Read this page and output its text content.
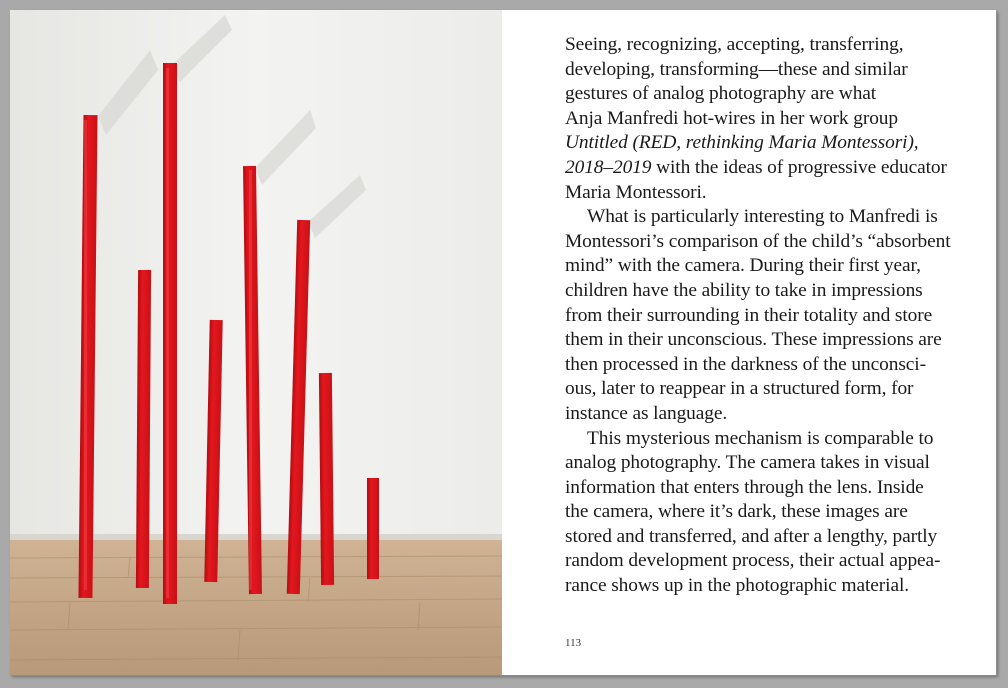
Seeing, recognizing, accepting, transferring,
developing, transforming—these and similar
gestures of analog photography are what
Anja Manfredi hot-wires in her work group
Untitled (RED, rethinking Maria Montessori),
2018–2019 with the ideas of progressive educator
Maria Montessori.

What is particularly interesting to Manfredi is
Montessori’s comparison of the child’s “absorbent
mind” with the camera. During their first year,
children have the ability to take in impressions
from their surrounding in their totality and store
them in their unconscious. These impressions are
then processed in the darkness of the unconsci-
ous, later to reappear in a structured form, for
instance as language.

This mysterious mechanism is comparable to
analog photography. The camera takes in visual
information that enters through the lens. Inside
the camera, where it’s dark, these images are
stored and transferred, and after a lengthy, partly
random development process, their actual appea-
rance shows up in the photographic material.

113
